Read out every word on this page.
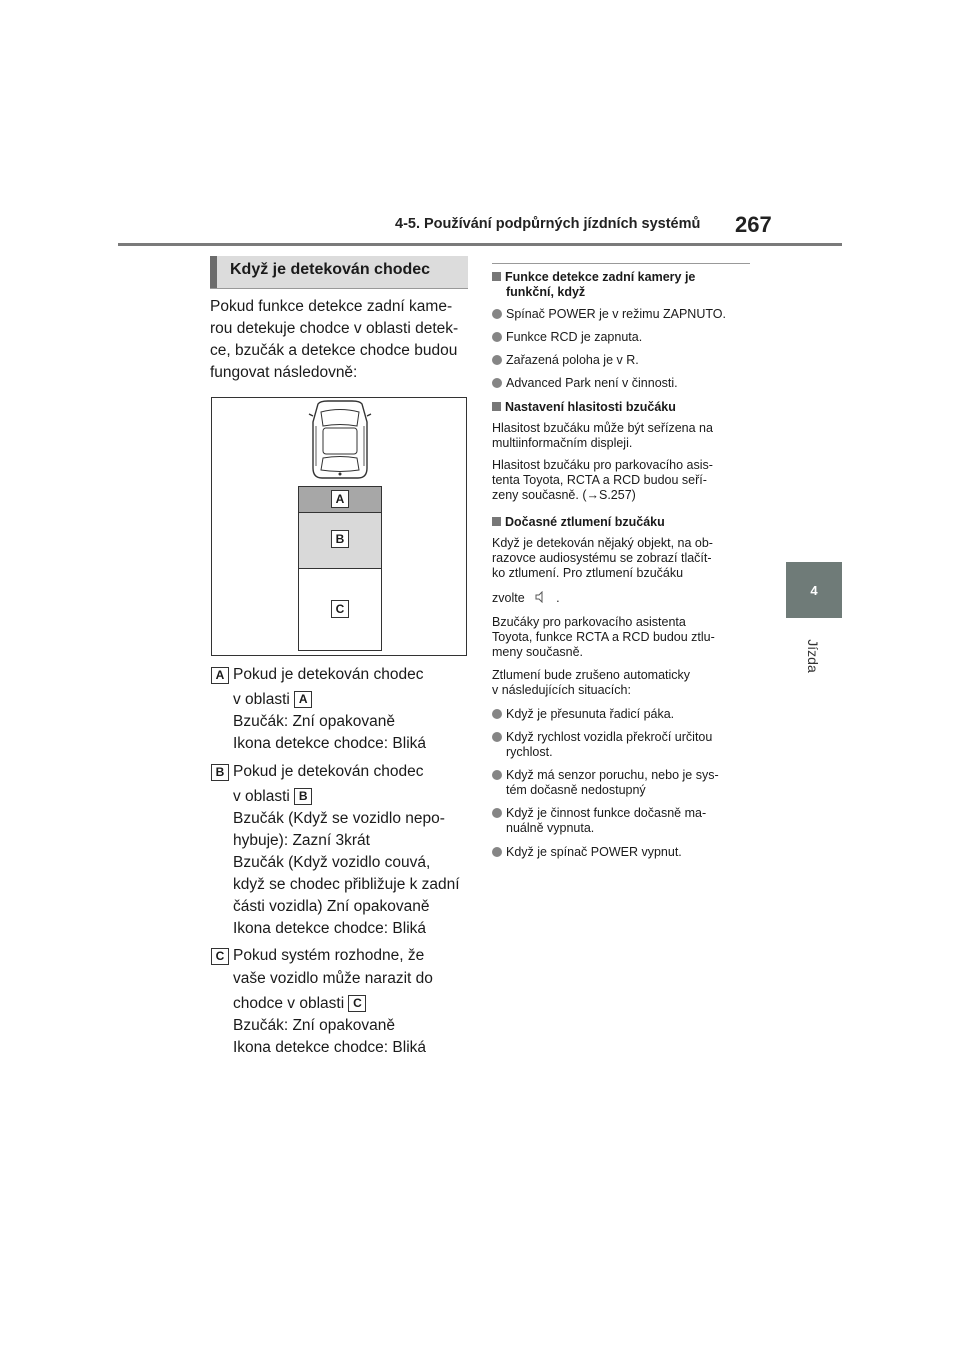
4-5. Používání podpůrných jízdních systémů 267
4
Jízda
Když je detekován chodec
Pokud funkce detekce zadní kame-
rou detekuje chodce v oblasti detek-
ce, bzučák a detekce chodce budou
fungovat následovně:
A
B
C
A Pokud je detekován chodec
v oblasti A
Bzučák: Zní opakovaně
Ikona detekce chodce: Bliká
B Pokud je detekován chodec
v oblasti B
Bzučák (Když se vozidlo nepo-
hybuje): Zazní 3krát
Bzučák (Když vozidlo couvá,
když se chodec přibližuje k zadní
části vozidla) Zní opakovaně
Ikona detekce chodce: Bliká
C Pokud systém rozhodne, že
vaše vozidlo může narazit do
chodce v oblasti C
Bzučák: Zní opakovaně
Ikona detekce chodce: Bliká
Funkce detekce zadní kamery je
funkční, když
Spínač POWER je v režimu ZAPNUTO.
Funkce RCD je zapnuta.
Zařazená poloha je v R.
Advanced Park není v činnosti.
Nastavení hlasitosti bzučáku
Hlasitost bzučáku může být seřízena na
multiinformačním displeji.
Hlasitost bzučáku pro parkovacího asis-
tenta Toyota, RCTA a RCD budou seří-
zeny současně. (→S.257)
Dočasné ztlumení bzučáku
Když je detekován nějaký objekt, na ob-
razovce audiosystému se zobrazí tlačít-
ko ztlumení. Pro ztlumení bzučáku
zvolte	.
Bzučáky pro parkovacího asistenta
Toyota, funkce RCTA a RCD budou ztlu-
meny současně.
Ztlumení bude zrušeno automaticky
v následujících situacích:
Když je přesunuta řadicí páka.
Když rychlost vozidla překročí určitou
rychlost.
Když má senzor poruchu, nebo je sys-
tém dočasně nedostupný
Když je činnost funkce dočasně ma-
nuálně vypnuta.
Když je spínač POWER vypnut.
